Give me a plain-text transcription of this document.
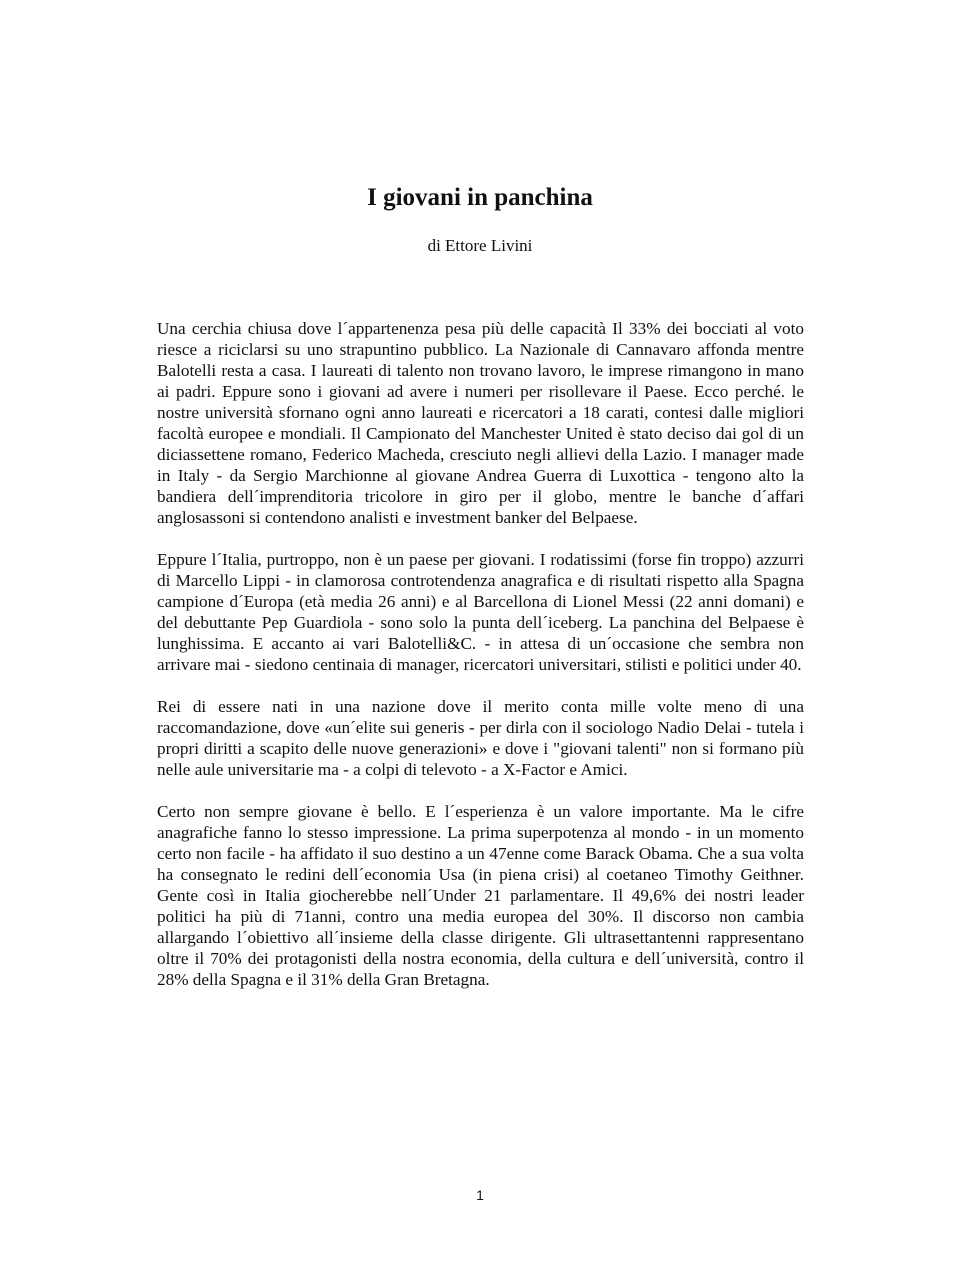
I giovani in panchina

di Ettore Livini

Una cerchia chiusa dove l´appartenenza pesa più delle capacità Il 33% dei bocciati al voto riesce a riciclarsi su uno strapuntino pubblico. La Nazionale di Cannavaro affonda mentre Balotelli resta a casa. I laureati di talento non trovano lavoro, le imprese rimangono in mano ai padri. Eppure sono i giovani ad avere i numeri per risollevare il Paese. Ecco perché. le nostre università sfornano ogni anno laureati e ricercatori a 18 carati, contesi dalle migliori facoltà europee e mondiali. Il Campionato del Manchester United è stato deciso dai gol di un diciassettene romano, Federico Macheda, cresciuto negli allievi della Lazio. I manager made in Italy - da Sergio Marchionne al giovane Andrea Guerra di Luxottica - tengono alto la bandiera dell´imprenditoria tricolore in giro per il globo, mentre le banche d´affari anglosassoni si contendono analisti e investment banker del Belpaese.

Eppure l´Italia, purtroppo, non è un paese per giovani. I rodatissimi (forse fin troppo) azzurri di Marcello Lippi - in clamorosa controtendenza anagrafica e di risultati rispetto alla Spagna campione d´Europa (età media 26 anni) e al Barcellona di Lionel Messi (22 anni domani) e del debuttante Pep Guardiola - sono solo la punta dell´iceberg. La panchina del Belpaese è lunghissima. E accanto ai vari Balotelli&C. - in attesa di un´occasione che sembra non arrivare mai - siedono centinaia di manager, ricercatori universitari, stilisti e politici under 40.

Rei di essere nati in una nazione dove il merito conta mille volte meno di una raccomandazione, dove «un´elite sui generis - per dirla con il sociologo Nadio Delai - tutela i propri diritti a scapito delle nuove generazioni» e dove i "giovani talenti" non si formano più nelle aule universitarie ma - a colpi di televoto - a X-Factor e Amici.

Certo non sempre giovane è bello. E l´esperienza è un valore importante. Ma le cifre anagrafiche fanno lo stesso impressione. La prima superpotenza al mondo - in un momento certo non facile - ha affidato il suo destino a un 47enne come Barack Obama. Che a sua volta ha consegnato le redini dell´economia Usa (in piena crisi) al coetaneo Timothy Geithner. Gente così in Italia giocherebbe nell´Under 21 parlamentare. Il 49,6% dei nostri leader politici ha più di 71anni, contro una media europea del 30%. Il discorso non cambia allargando l´obiettivo all´insieme della classe dirigente. Gli ultrasettantenni rappresentano oltre il 70% dei protagonisti della nostra economia, della cultura e dell´università, contro il 28% della Spagna e il 31% della Gran Bretagna.

1
